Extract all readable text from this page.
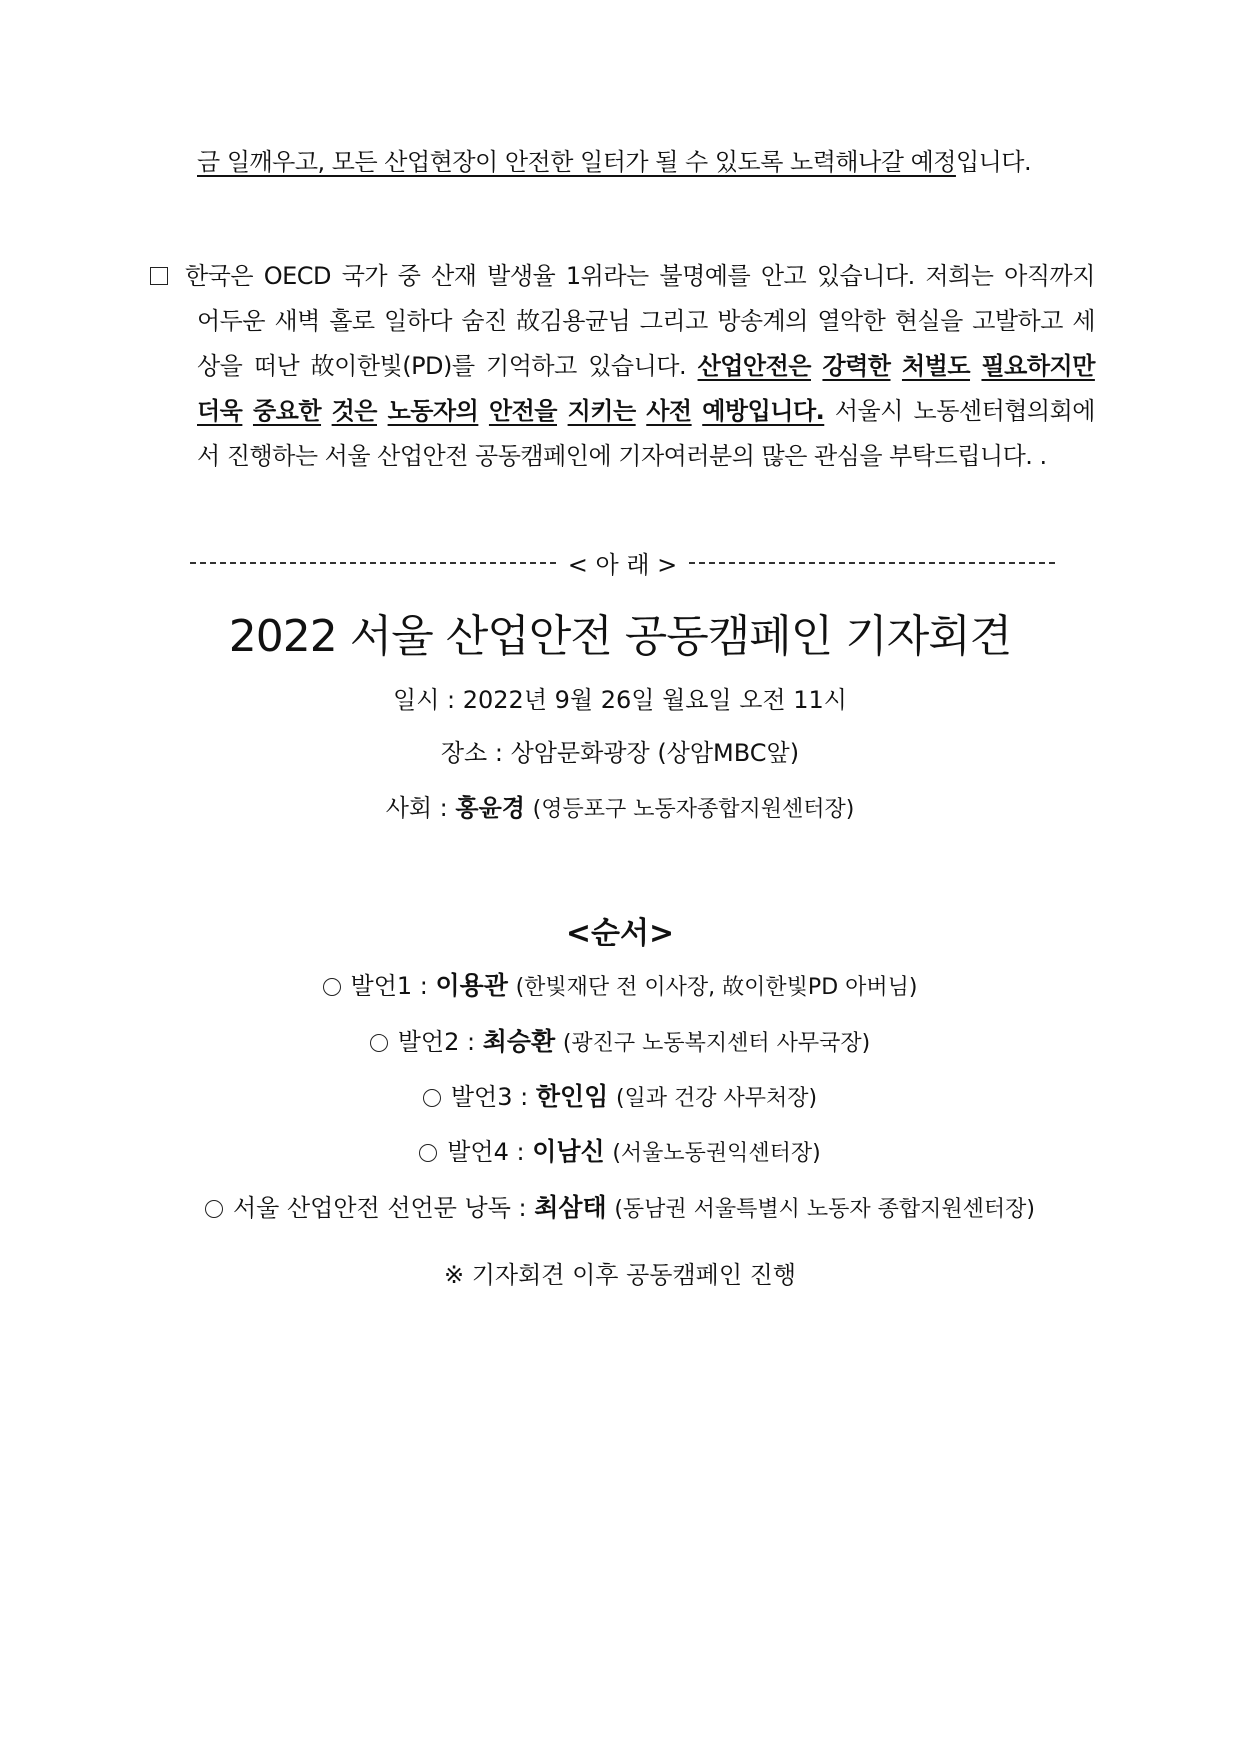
금 일깨우고, 모든 산업현장이 안전한 일터가 될 수 있도록 노력해나갈 예정입니다.
한국은 OECD 국가 중 산재 발생율 1위라는 불명예를 안고 있습니다. 저희는 아직까지
어두운 새벽 홀로 일하다 숨진 故김용균님 그리고 방송계의 열악한 현실을 고발하고 세
상을 떠난 故이한빛(PD)를 기억하고 있습니다. 산업안전은 강력한 처벌도 필요하지만
더욱 중요한 것은 노동자의 안전을 지키는 사전 예방입니다. 서울시 노동센터협의회에
서 진행하는 서울 산업안전 공동캠페인에 기자여러분의 많은 관심을 부탁드립니다. .
< 아 래 >
2022 서울 산업안전 공동캠페인 기자회견
일시 : 2022년 9월 26일 월요일 오전 11시
장소 : 상암문화광장 (상암MBC앞)
사회 : 홍윤경 (영등포구 노동자종합지원센터장)
<순서>
발언1 : 이용관 (한빛재단 전 이사장, 故이한빛PD 아버님)
발언2 : 최승환 (광진구 노동복지센터 사무국장)
발언3 : 한인임 (일과 건강 사무처장)
발언4 : 이남신 (서울노동권익센터장)
서울 산업안전 선언문 낭독 : 최삼태 (동남권 서울특별시 노동자 종합지원센터장)
※ 기자회견 이후 공동캠페인 진행
